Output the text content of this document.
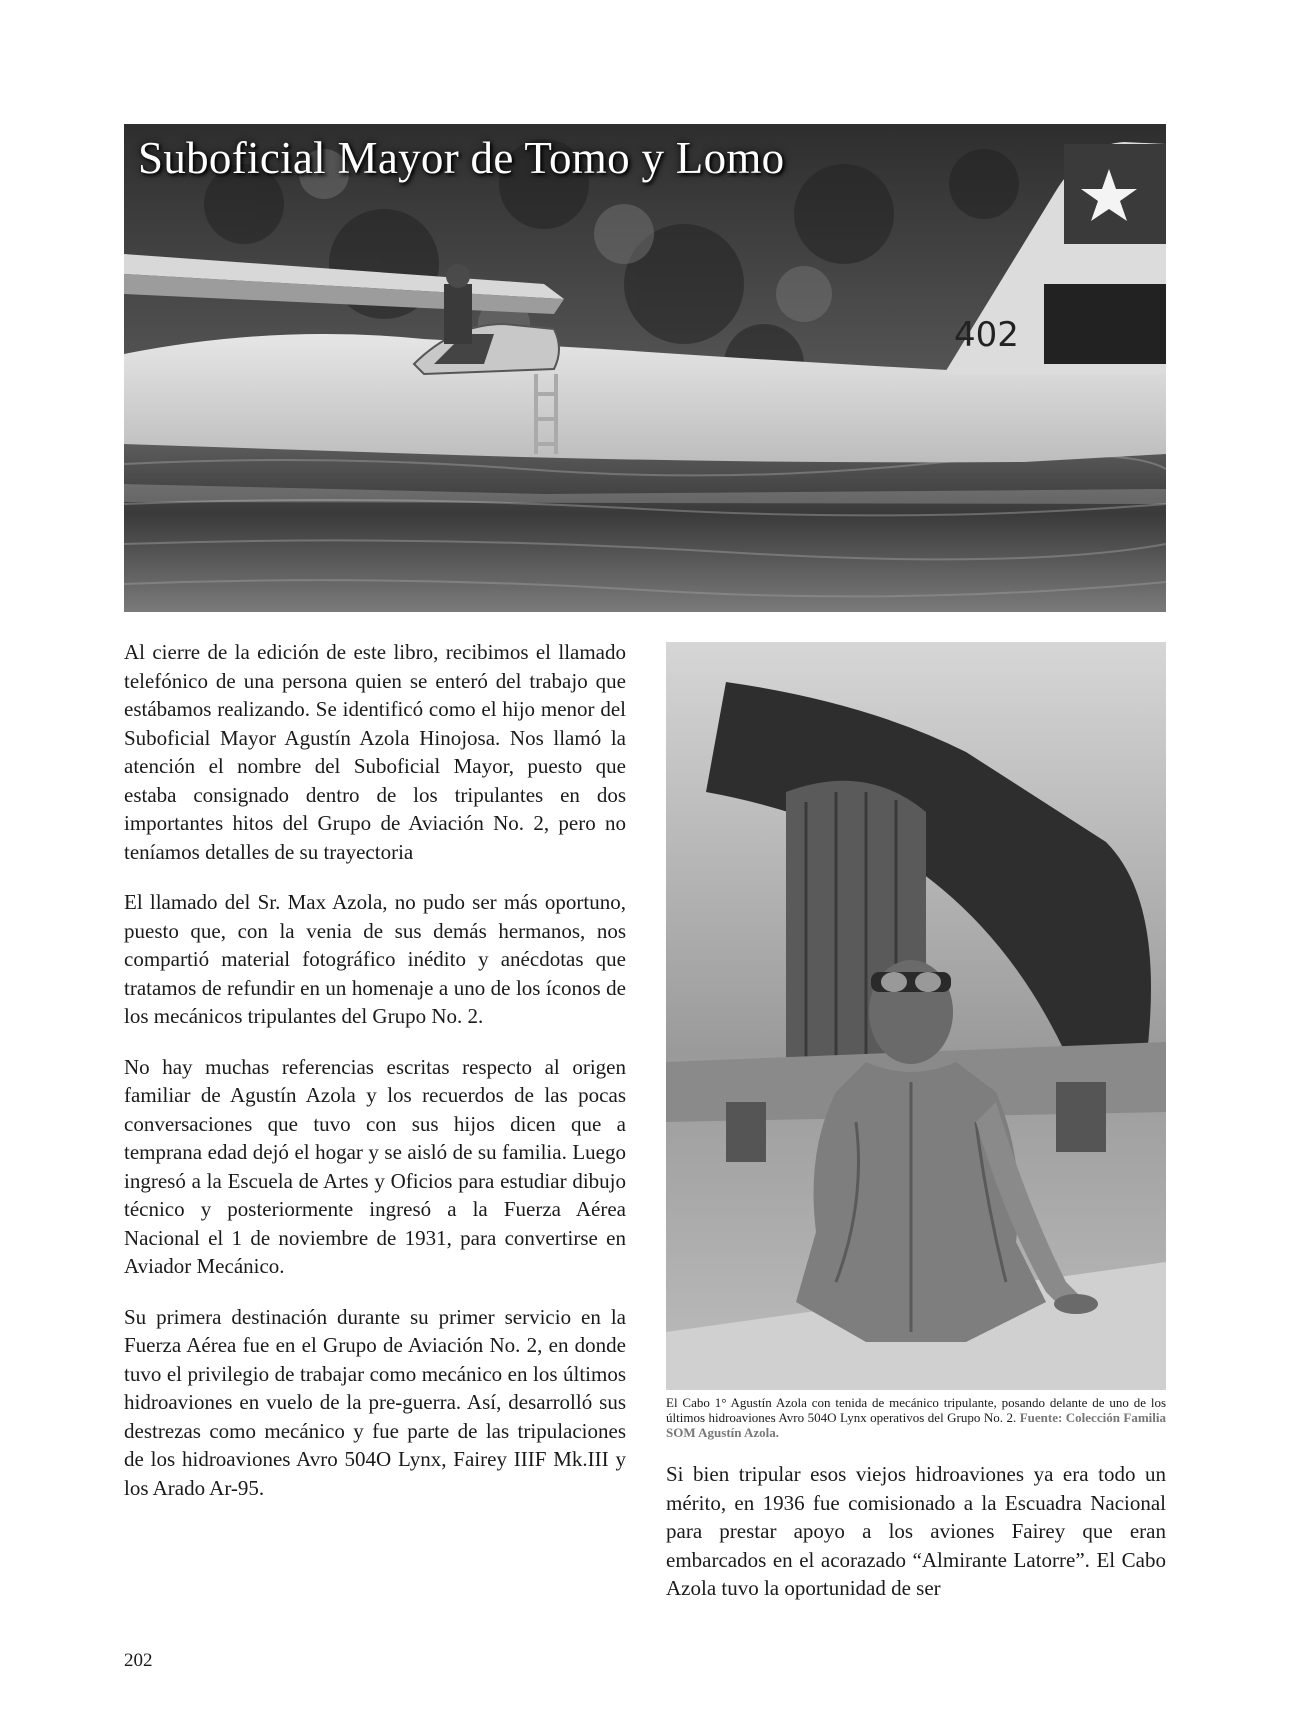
402
Suboficial Mayor de Tomo y Lomo

Al cierre de la edición de este libro, recibimos el llamado telefónico de una persona quien se enteró del trabajo que estábamos realizando. Se identificó como el hijo menor del Suboficial Mayor Agustín Azola Hinojosa. Nos llamó la atención el nombre del Suboficial Mayor, puesto que estaba consignado dentro de los tripulantes en dos importantes hitos del Grupo de Aviación No. 2, pero no teníamos detalles de su trayectoria

El llamado del Sr. Max Azola, no pudo ser más oportuno, puesto que, con la venia de sus demás hermanos, nos compartió material fotográfico inédito y anécdotas que tratamos de refundir en un homenaje a uno de los íconos de los mecánicos tripulantes del Grupo No. 2.

No hay muchas referencias escritas respecto al origen familiar de Agustín Azola y los recuerdos de las pocas conversaciones que tuvo con sus hijos dicen que a temprana edad dejó el hogar y se aisló de su familia. Luego ingresó a la Escuela de Artes y Oficios para estudiar dibujo técnico y posteriormente ingresó a la Fuerza Aérea Nacional el 1 de noviembre de 1931, para convertirse en Aviador Mecánico.

Su primera destinación durante su primer servicio en la Fuerza Aérea fue en el Grupo de Aviación No. 2, en donde tuvo el privilegio de trabajar como mecánico en los últimos hidroaviones en vuelo de la pre-guerra. Así, desarrolló sus destrezas como mecánico y fue parte de las tripulaciones de los hidroaviones Avro 504O Lynx, Fairey IIIF Mk.III y los Arado Ar-95.

El Cabo 1° Agustín Azola con tenida de mecánico tripulante, posando delante de uno de los últimos hidroaviones Avro 504O Lynx operativos del Grupo No. 2. Fuente: Colección Familia SOM Agustín Azola.

Si bien tripular esos viejos hidroaviones ya era todo un mérito, en 1936 fue comisionado a la Escuadra Nacional para prestar apoyo a los aviones Fairey que eran embarcados en el acorazado “Almirante Latorre”. El Cabo Azola tuvo la oportunidad de ser

202
